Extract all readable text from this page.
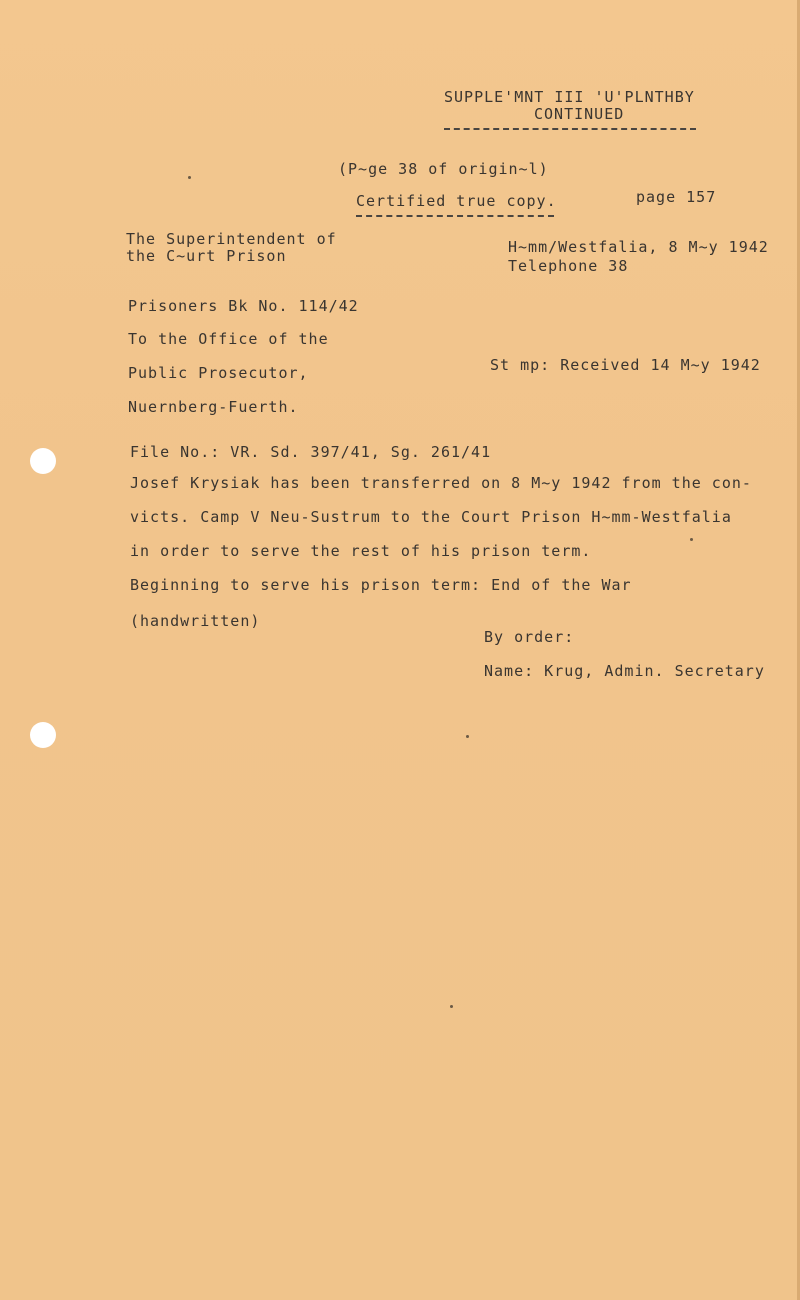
SUPPLE'MNT III 'U'PLNTHBY
CONTINUED
(P~ge 38 of origin~l)
Certified true copy.	page 157
The Superintendent of
the C~urt Prison	H~mm/Westfalia, 8 M~y 1942
Telephone 38
Prisoners Bk No. 114/42
To the Office of the
Public Prosecutor,
Nuernberg-Fuerth.
St mp: Received 14 M~y 1942
File No.: VR. Sd. 397/41, Sg. 261/41
Josef Krysiak has been transferred on 8 M~y 1942 from the con-
victs. Camp V Neu-Sustrum to the Court Prison H~mm-Westfalia
in order to serve the rest of his prison term.
Beginning to serve his prison term: End of the War
(handwritten)
By order:
Name: Krug, Admin. Secretary
